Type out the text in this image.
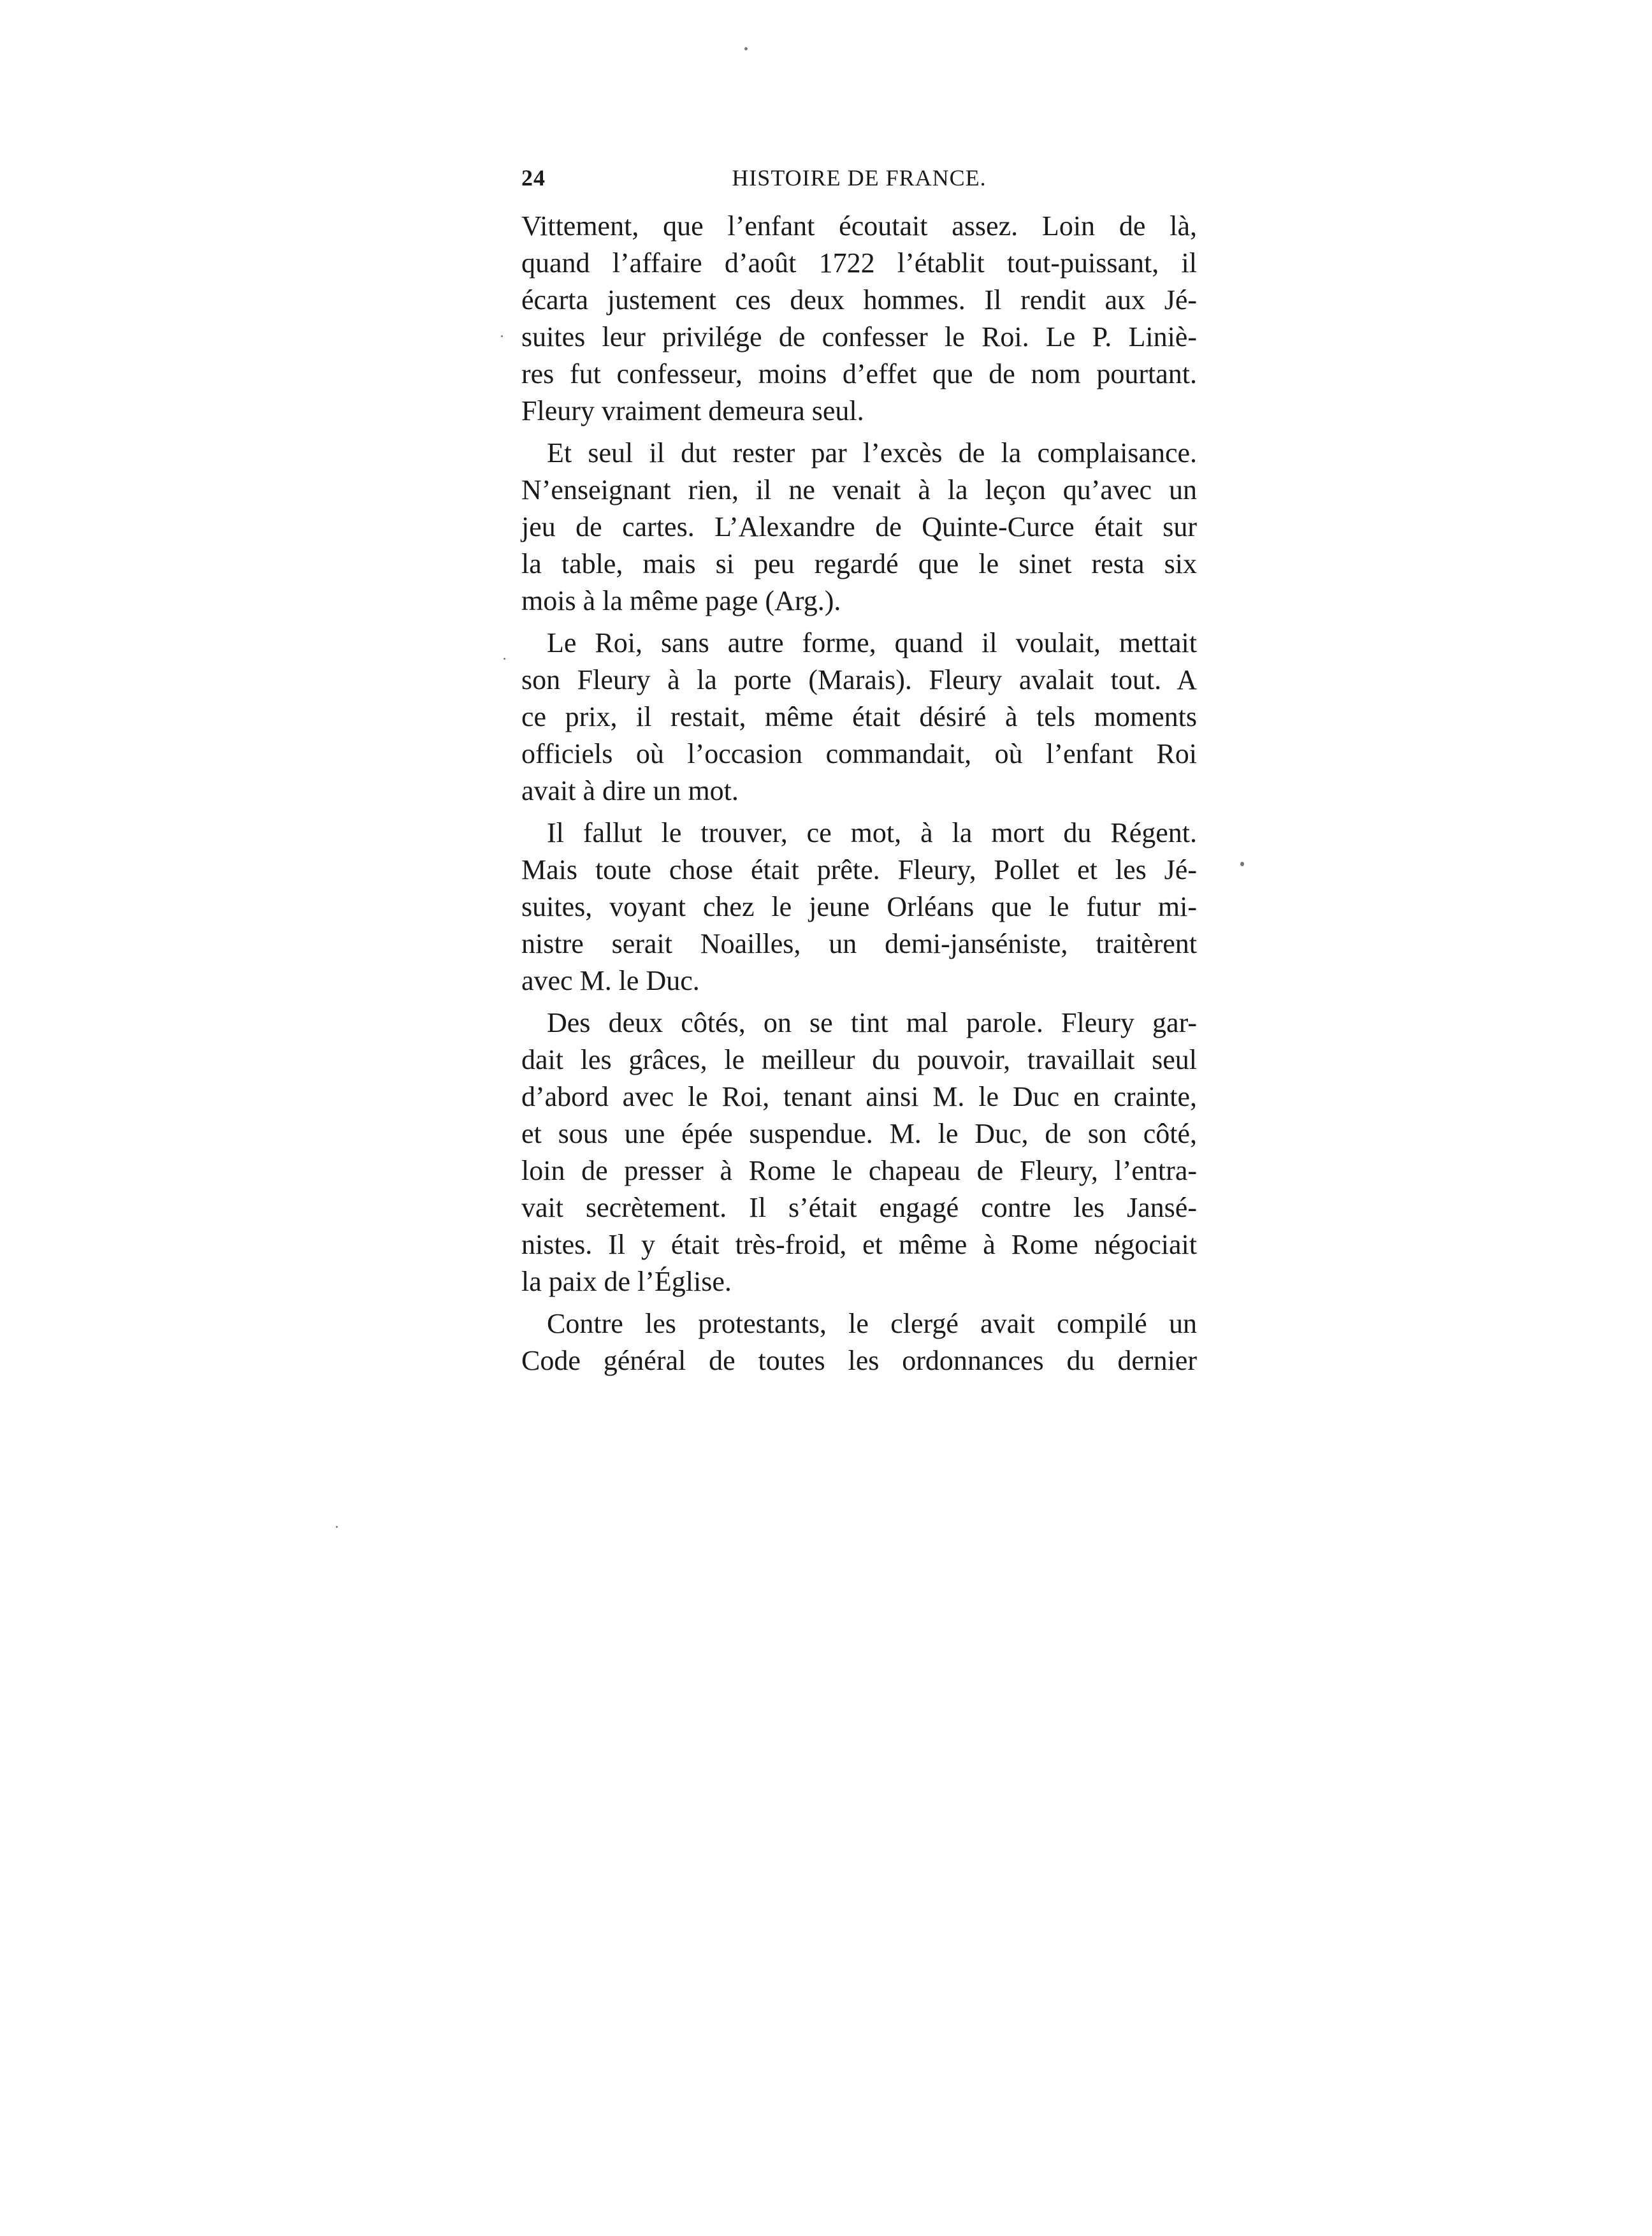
24	HISTOIRE DE FRANCE.
Vittement, que l’enfant écoutait assez. Loin de là,
quand l’affaire d’août 1722 l’établit tout-puissant, il
écarta justement ces deux hommes. Il rendit aux Jé-
suites leur privilége de confesser le Roi. Le P. Liniè-
res fut confesseur, moins d’effet que de nom pourtant.
Fleury vraiment demeura seul.
Et seul il dut rester par l’excès de la complaisance.
N’enseignant rien, il ne venait à la leçon qu’avec un
jeu de cartes. L’Alexandre de Quinte-Curce était sur
la table, mais si peu regardé que le sinet resta six
mois à la même page (Arg.).
Le Roi, sans autre forme, quand il voulait, mettait
son Fleury à la porte (Marais). Fleury avalait tout. A
ce prix, il restait, même était désiré à tels moments
officiels où l’occasion commandait, où l’enfant Roi
avait à dire un mot.
Il fallut le trouver, ce mot, à la mort du Régent.
Mais toute chose était prête. Fleury, Pollet et les Jé-
suites, voyant chez le jeune Orléans que le futur mi-
nistre serait Noailles, un demi-janséniste, traitèrent
avec M. le Duc.
Des deux côtés, on se tint mal parole. Fleury gar-
dait les grâces, le meilleur du pouvoir, travaillait seul
d’abord avec le Roi, tenant ainsi M. le Duc en crainte,
et sous une épée suspendue. M. le Duc, de son côté,
loin de presser à Rome le chapeau de Fleury, l’entra-
vait secrètement. Il s’était engagé contre les Jansé-
nistes. Il y était très-froid, et même à Rome négociait
la paix de l’Église.
Contre les protestants, le clergé avait compilé un
Code général de toutes les ordonnances du dernier
